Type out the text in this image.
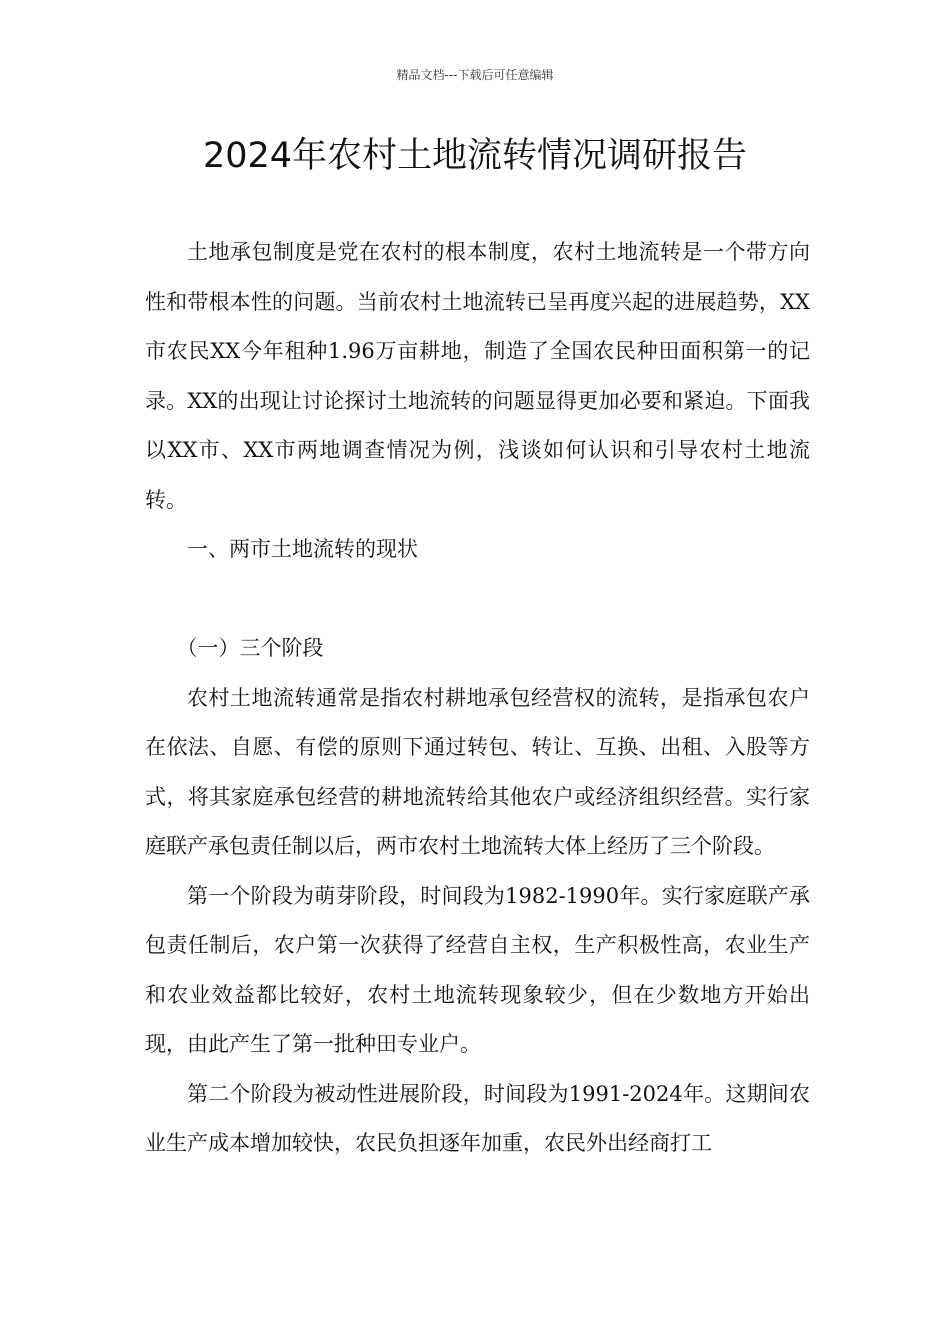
精品文档---下载后可任意编辑
2024年农村土地流转情况调研报告

土地承包制度是党在农村的根本制度，农村土地流转是一个带方向性和带根本性的问题。当前农村土地流转已呈再度兴起的进展趋势，XX市农民XX今年租种1.96万亩耕地，制造了全国农民种田面积第一的记录。XX的出现让讨论探讨土地流转的问题显得更加必要和紧迫。下面我以XX市、XX市两地调查情况为例，浅谈如何认识和引导农村土地流转。

一、两市土地流转的现状

（一）三个阶段

农村土地流转通常是指农村耕地承包经营权的流转，是指承包农户在依法、自愿、有偿的原则下通过转包、转让、互换、出租、入股等方式，将其家庭承包经营的耕地流转给其他农户或经济组织经营。实行家庭联产承包责任制以后，两市农村土地流转大体上经历了三个阶段。

第一个阶段为萌芽阶段，时间段为1982-1990年。实行家庭联产承包责任制后，农户第一次获得了经营自主权，生产积极性高，农业生产和农业效益都比较好，农村土地流转现象较少，但在少数地方开始出现，由此产生了第一批种田专业户。

第二个阶段为被动性进展阶段，时间段为1991-2024年。这期间农业生产成本增加较快，农民负担逐年加重，农民外出经商打工
